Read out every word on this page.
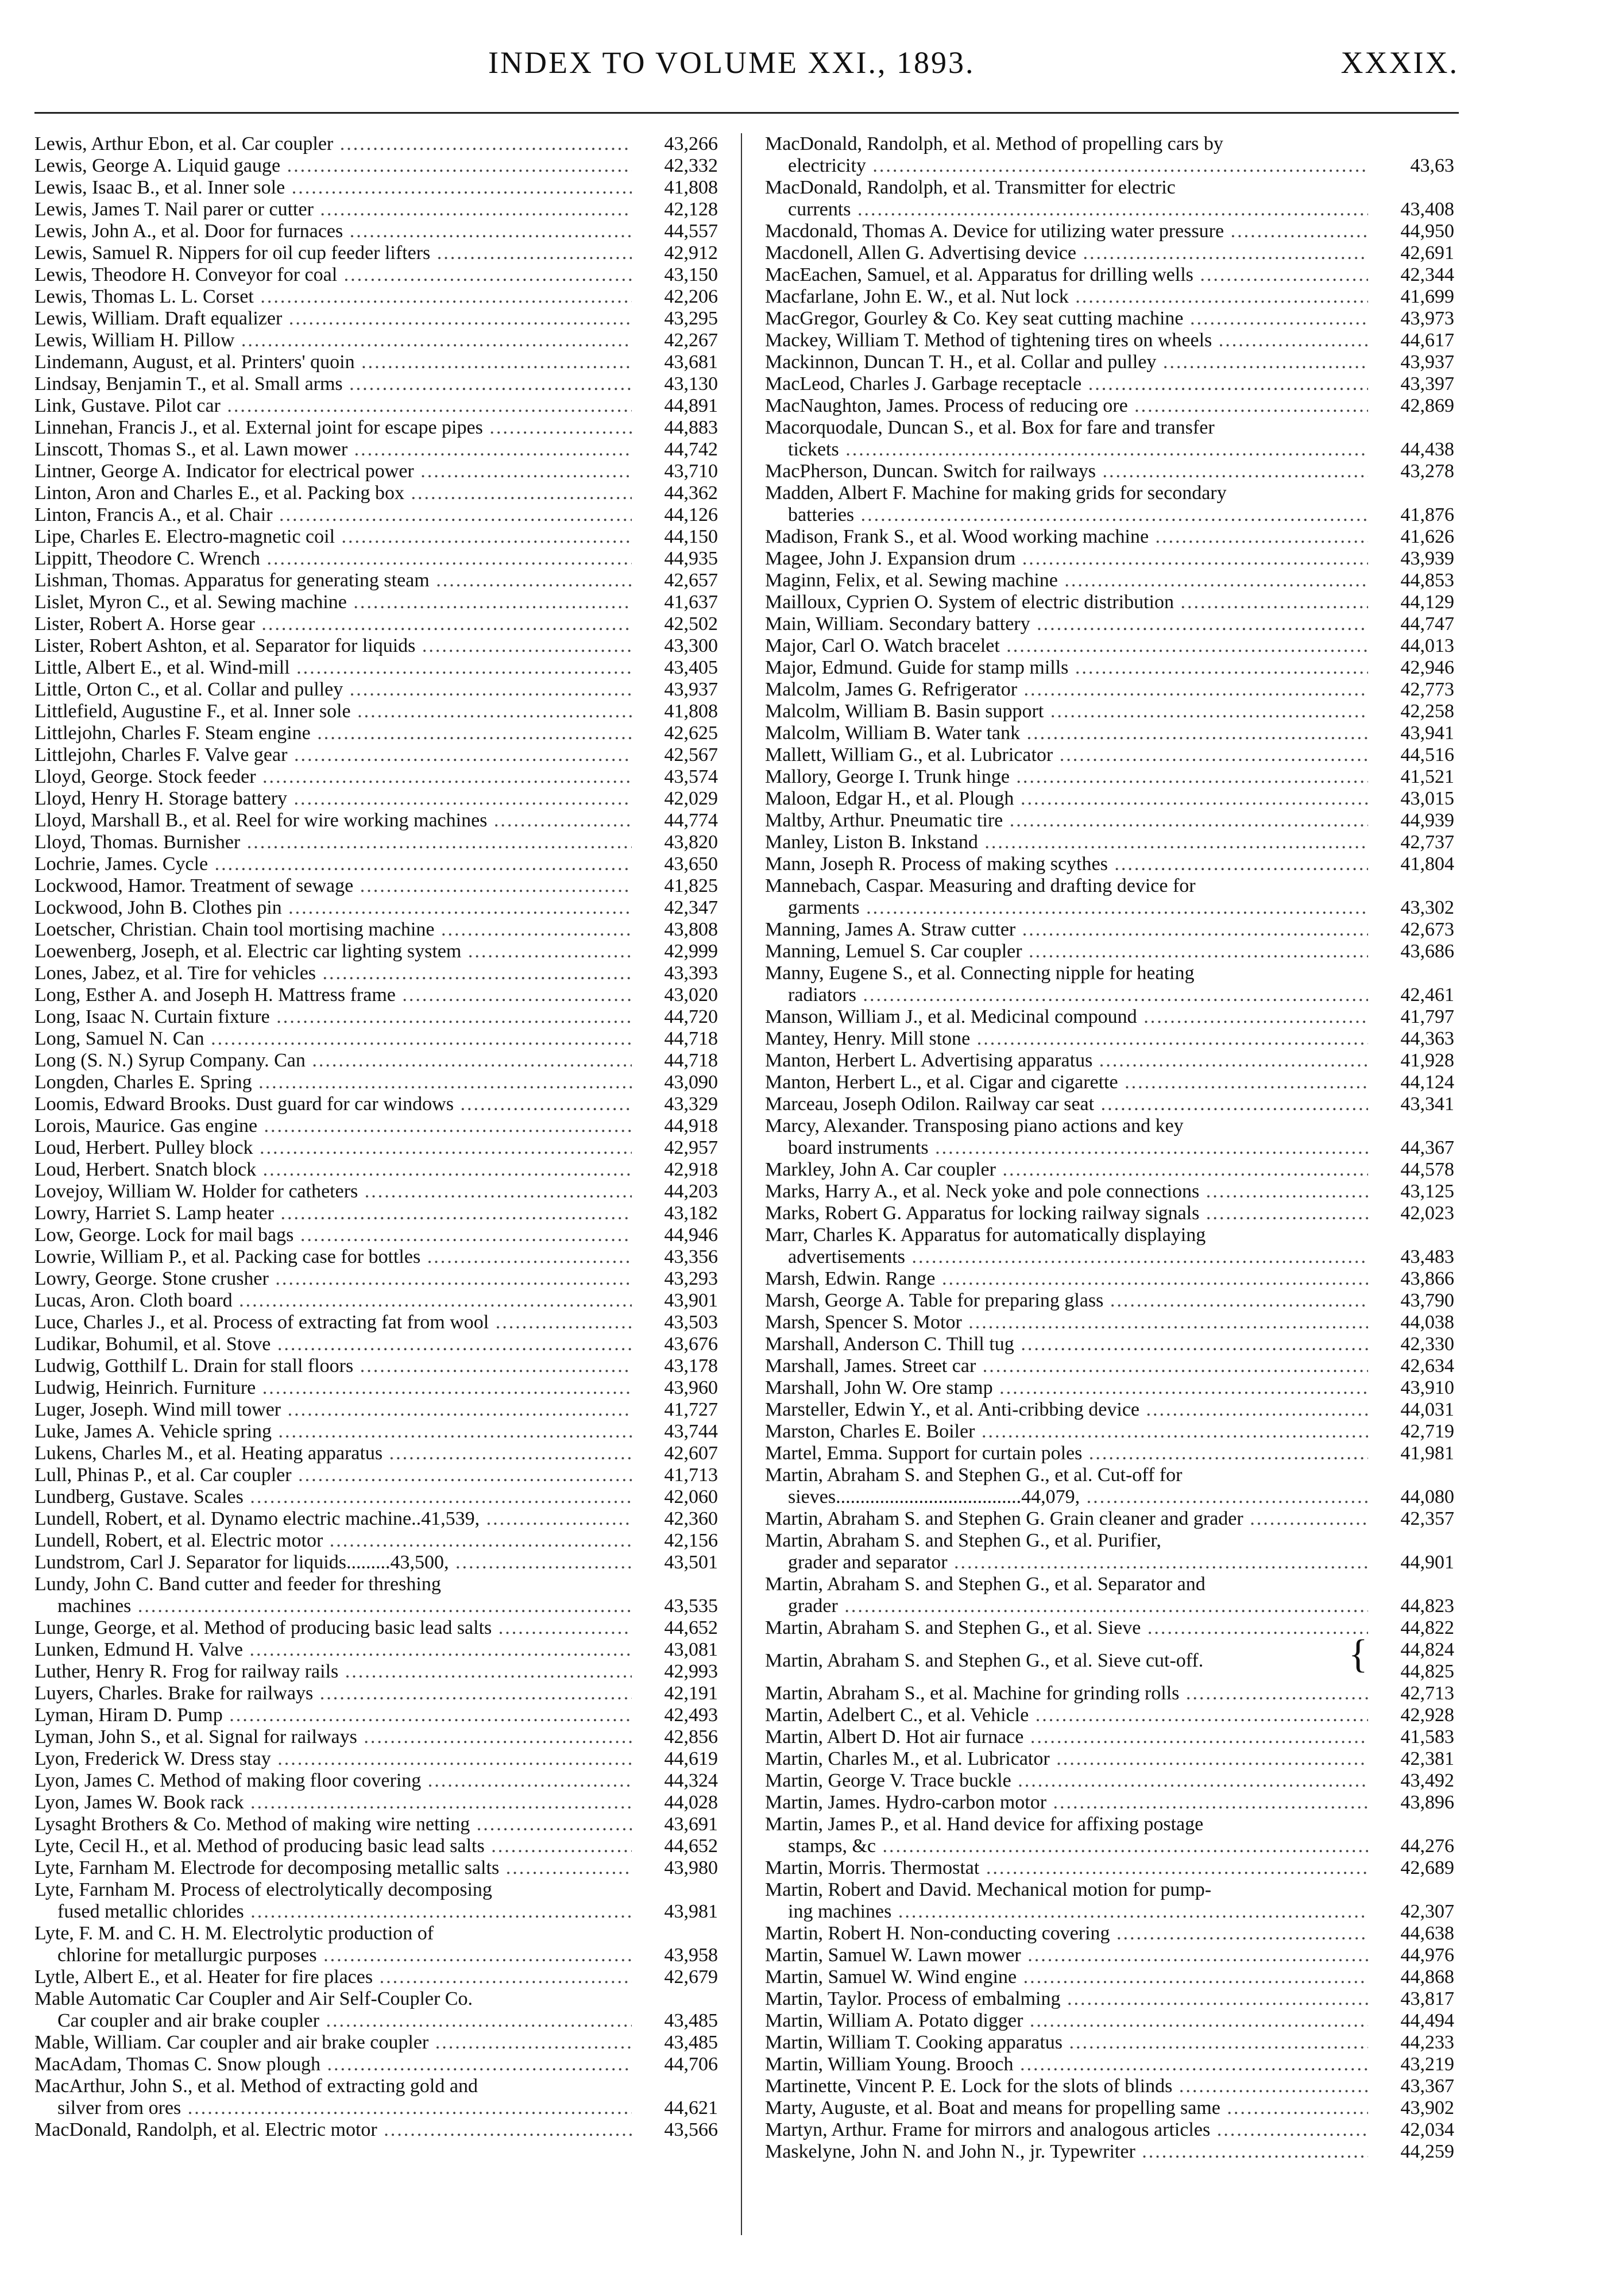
INDEX TO VOLUME XXI., 1893.	XXXIX.
Lewis, Arthur Ebon, et al. Car coupler .....	43,266
Lewis, George A. Liquid gauge .....	42,332
Lewis, Isaac B., et al. Inner sole .....	41,808
Lewis, James T. Nail parer or cutter .....	42,128
Lewis, John A., et al. Door for furnaces .....	44,557
Lewis, Samuel R. Nippers for oil cup feeder lifters .....	42,912
Lewis, Theodore H. Conveyor for coal .....	43,150
Lewis, Thomas L. L. Corset .....	42,206
Lewis, William. Draft equalizer .....	43,295
Lewis, William H. Pillow .....	42,267
Lindemann, August, et al. Printers' quoin .....	43,681
Lindsay, Benjamin T., et al. Small arms .....	43,130
Link, Gustave. Pilot car .....	44,891
Linnehan, Francis J., et al. External joint for escape pipes .....	44,883
Linscott, Thomas S., et al. Lawn mower .....	44,742
Lintner, George A. Indicator for electrical power .....	43,710
Linton, Aron and Charles E., et al. Packing box .....	44,362
Linton, Francis A., et al. Chair .....	44,126
Lipe, Charles E. Electro-magnetic coil .....	44,150
Lippitt, Theodore C. Wrench .....	44,935
Lishman, Thomas. Apparatus for generating steam .....	42,657
Lislet, Myron C., et al. Sewing machine .....	41,637
Lister, Robert A. Horse gear .....	42,502
Lister, Robert Ashton, et al. Separator for liquids .....	43,300
Little, Albert E., et al. Wind-mill .....	43,405
Little, Orton C., et al. Collar and pulley .....	43,937
Littlefield, Augustine F., et al. Inner sole .....	41,808
Littlejohn, Charles F. Steam engine .....	42,625
Littlejohn, Charles F. Valve gear .....	42,567
Lloyd, George. Stock feeder .....	43,574
Lloyd, Henry H. Storage battery .....	42,029
Lloyd, Marshall B., et al. Reel for wire working machines .....	44,774
Lloyd, Thomas. Burnisher .....	43,820
Lochrie, James. Cycle .....	43,650
Lockwood, Hamor. Treatment of sewage .....	41,825
Lockwood, John B. Clothes pin .....	42,347
Loetscher, Christian. Chain tool mortising machine .....	43,808
Loewenberg, Joseph, et al. Electric car lighting system .....	42,999
Lones, Jabez, et al. Tire for vehicles .....	43,393
Long, Esther A. and Joseph H. Mattress frame .....	43,020
Long, Isaac N. Curtain fixture .....	44,720
Long, Samuel N. Can .....	44,718
Long (S. N.) Syrup Company. Can .....	44,718
Longden, Charles E. Spring .....	43,090
Loomis, Edward Brooks. Dust guard for car windows .....	43,329
Lorois, Maurice. Gas engine .....	44,918
Loud, Herbert. Pulley block .....	42,957
Loud, Herbert. Snatch block .....	42,918
Lovejoy, William W. Holder for catheters .....	44,203
Lowry, Harriet S. Lamp heater .....	43,182
Low, George. Lock for mail bags .....	44,946
Lowrie, William P., et al. Packing case for bottles .....	43,356
Lowry, George. Stone crusher .....	43,293
Lucas, Aron. Cloth board .....	43,901
Luce, Charles J., et al. Process of extracting fat from wool .....	43,503
Ludikar, Bohumil, et al. Stove .....	43,676
Ludwig, Gotthilf L. Drain for stall floors .....	43,178
Ludwig, Heinrich. Furniture .....	43,960
Luger, Joseph. Wind mill tower .....	41,727
Luke, James A. Vehicle spring .....	43,744
Lukens, Charles M., et al. Heating apparatus .....	42,607
Lull, Phinas P., et al. Car coupler .....	41,713
Lundberg, Gustave. Scales .....	42,060
Lundell, Robert, et al. Dynamo electric machine..41,539, .....	42,360
Lundell, Robert, et al. Electric motor .....	42,156
Lundstrom, Carl J. Separator for liquids.........43,500, .....	43,501
Lundy, John C. Band cutter and feeder for threshing
machines .....	43,535
Lunge, George, et al. Method of producing basic lead salts .....	44,652
Lunken, Edmund H. Valve .....	43,081
Luther, Henry R. Frog for railway rails .....	42,993
Luyers, Charles. Brake for railways .....	42,191
Lyman, Hiram D. Pump .....	42,493
Lyman, John S., et al. Signal for railways .....	42,856
Lyon, Frederick W. Dress stay .....	44,619
Lyon, James C. Method of making floor covering .....	44,324
Lyon, James W. Book rack .....	44,028
Lysaght Brothers & Co. Method of making wire netting .....	43,691
Lyte, Cecil H., et al. Method of producing basic lead salts .....	44,652
Lyte, Farnham M. Electrode for decomposing metallic salts .....	43,980
Lyte, Farnham M. Process of electrolytically decomposing
fused metallic chlorides .....	43,981
Lyte, F. M. and C. H. M. Electrolytic production of
chlorine for metallurgic purposes .....	43,958
Lytle, Albert E., et al. Heater for fire places .....	42,679
Mable Automatic Car Coupler and Air Self-Coupler Co.
Car coupler and air brake coupler .....	43,485
Mable, William. Car coupler and air brake coupler .....	43,485
MacAdam, Thomas C. Snow plough .....	44,706
MacArthur, John S., et al. Method of extracting gold and
silver from ores .....	44,621
MacDonald, Randolph, et al. Electric motor .....	43,566
MacDonald, Randolph, et al. Method of propelling cars by
electricity .....	43,63
MacDonald, Randolph, et al. Transmitter for electric
currents .....	43,408
Macdonald, Thomas A. Device for utilizing water pressure .....	44,950
Macdonell, Allen G. Advertising device .....	42,691
MacEachen, Samuel, et al. Apparatus for drilling wells .....	42,344
Macfarlane, John E. W., et al. Nut lock .....	41,699
MacGregor, Gourley & Co. Key seat cutting machine .....	43,973
Mackey, William T. Method of tightening tires on wheels .....	44,617
Mackinnon, Duncan T. H., et al. Collar and pulley .....	43,937
MacLeod, Charles J. Garbage receptacle .....	43,397
MacNaughton, James. Process of reducing ore .....	42,869
Macorquodale, Duncan S., et al. Box for fare and transfer
tickets .....	44,438
MacPherson, Duncan. Switch for railways .....	43,278
Madden, Albert F. Machine for making grids for secondary
batteries .....	41,876
Madison, Frank S., et al. Wood working machine .....	41,626
Magee, John J. Expansion drum .....	43,939
Maginn, Felix, et al. Sewing machine .....	44,853
Mailloux, Cyprien O. System of electric distribution .....	44,129
Main, William. Secondary battery .....	44,747
Major, Carl O. Watch bracelet .....	44,013
Major, Edmund. Guide for stamp mills .....	42,946
Malcolm, James G. Refrigerator .....	42,773
Malcolm, William B. Basin support .....	42,258
Malcolm, William B. Water tank .....	43,941
Mallett, William G., et al. Lubricator .....	44,516
Mallory, George I. Trunk hinge .....	41,521
Maloon, Edgar H., et al. Plough .....	43,015
Maltby, Arthur. Pneumatic tire .....	44,939
Manley, Liston B. Inkstand .....	42,737
Mann, Joseph R. Process of making scythes .....	41,804
Mannebach, Caspar. Measuring and drafting device for
garments .....	43,302
Manning, James A. Straw cutter .....	42,673
Manning, Lemuel S. Car coupler .....	43,686
Manny, Eugene S., et al. Connecting nipple for heating
radiators .....	42,461
Manson, William J., et al. Medicinal compound .....	41,797
Mantey, Henry. Mill stone .....	44,363
Manton, Herbert L. Advertising apparatus .....	41,928
Manton, Herbert L., et al. Cigar and cigarette .....	44,124
Marceau, Joseph Odilon. Railway car seat .....	43,341
Marcy, Alexander. Transposing piano actions and key
board instruments .....	44,367
Markley, John A. Car coupler .....	44,578
Marks, Harry A., et al. Neck yoke and pole connections .....	43,125
Marks, Robert G. Apparatus for locking railway signals .....	42,023
Marr, Charles K. Apparatus for automatically displaying
advertisements .....	43,483
Marsh, Edwin. Range .....	43,866
Marsh, George A. Table for preparing glass .....	43,790
Marsh, Spencer S. Motor .....	44,038
Marshall, Anderson C. Thill tug .....	42,330
Marshall, James. Street car .....	42,634
Marshall, John W. Ore stamp .....	43,910
Marsteller, Edwin Y., et al. Anti-cribbing device .....	44,031
Marston, Charles E. Boiler .....	42,719
Martel, Emma. Support for curtain poles .....	41,981
Martin, Abraham S. and Stephen G., et al. Cut-off for
sieves......................................44,079, .....	44,080
Martin, Abraham S. and Stephen G. Grain cleaner and grader .....	42,357
Martin, Abraham S. and Stephen G., et al. Purifier,
grader and separator .....	44,901
Martin, Abraham S. and Stephen G., et al. Separator and
grader .....	44,823
Martin, Abraham S. and Stephen G., et al. Sieve .....	44,822
Martin, Abraham S. and Stephen G., et al. Sieve cut-off.	{ 44,824
44,825
Martin, Abraham S., et al. Machine for grinding rolls .....	42,713
Martin, Adelbert C., et al. Vehicle .....	42,928
Martin, Albert D. Hot air furnace .....	41,583
Martin, Charles M., et al. Lubricator .....	42,381
Martin, George V. Trace buckle .....	43,492
Martin, James. Hydro-carbon motor .....	43,896
Martin, James P., et al. Hand device for affixing postage
stamps, &c .....	44,276
Martin, Morris. Thermostat .....	42,689
Martin, Robert and David. Mechanical motion for pump-
ing machines .....	42,307
Martin, Robert H. Non-conducting covering .....	44,638
Martin, Samuel W. Lawn mower .....	44,976
Martin, Samuel W. Wind engine .....	44,868
Martin, Taylor. Process of embalming .....	43,817
Martin, William A. Potato digger .....	44,494
Martin, William T. Cooking apparatus .....	44,233
Martin, William Young. Brooch .....	43,219
Martinette, Vincent P. E. Lock for the slots of blinds .....	43,367
Marty, Auguste, et al. Boat and means for propelling same .....	43,902
Martyn, Arthur. Frame for mirrors and analogous articles .....	42,034
Maskelyne, John N. and John N., jr. Typewriter .....	44,259
